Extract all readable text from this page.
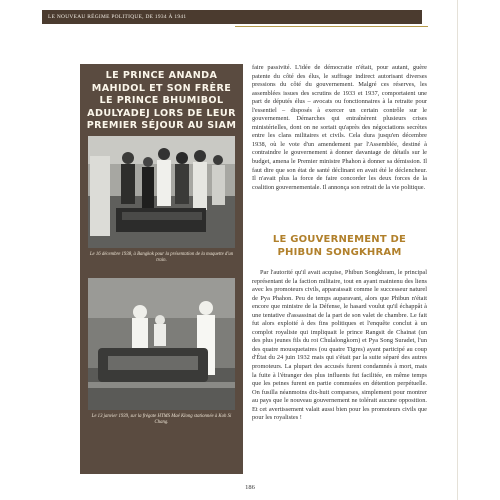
LE NOUVEAU RÉGIME POLITIQUE, DE 1934 À 1941
LE PRINCE ANANDA MAHIDOL ET SON FRÈRE LE PRINCE BHUMIBOL ADULYADEJ LORS DE LEUR PREMIER SÉJOUR AU SIAM
Le 16 décembre 1938, à Bangkok pour la présentation de la maquette d'un train.
Le 13 janvier 1939, sur la frégate HTMS Maé Klong stationnée à Koh Si Chang.
faire passivité. L'idée de démocratie n'était, pour autant, guère patente du côté des élus, le suffrage indirect autorisant diverses pressions du côté du gouvernement. Malgré ces réserves, les assemblées issues des scrutins de 1933 et 1937, comportaient une part de députés élus – avocats ou fonctionnaires à la retraite pour l'essentiel – disposés à exercer un certain contrôle sur le gouvernement. Démarches qui entraînèrent plusieurs crises ministérielles, dont on ne sortait qu'après des négociations secrètes entre les clans militaires et civils. Cela dura jusqu'en décembre 1938, où le vote d'un amendement par l'Assemblée, destiné à contraindre le gouvernement à donner davantage de détails sur le budget, amena le Premier ministre Phahon à donner sa démission. Il faut dire que son état de santé déclinant en avait été le déclencheur. Il n'avait plus la force de faire concorder les deux forces de la coalition gouvernementale. Il annonça son retrait de la vie politique.
LE GOUVERNEMENT DE PHIBUN SONGKHRAM
Par l'autorité qu'il avait acquise, Phibun Songkhram, le principal représentant de la faction militaire, tout en ayant maintenu des liens avec les promoteurs civils, apparaissait comme le successeur naturel de Pya Phahon. Peu de temps auparavant, alors que Phibun n'était encore que ministre de la Défense, le hasard voulut qu'il échappât à une tentative d'assassinat de la part de son valet de chambre. Le fait fut alors exploité à des fins politiques et l'enquête conclut à un complot royaliste qui impliquait le prince Rangsit de Chainat (un des plus jeunes fils du roi Chulalongkorn) et Pya Song Suradet, l'un des quatre mousquetaires (ou quatre Tigres) ayant participé au coup d'État du 24 juin 1932 mais qui s'était par la suite séparé des autres promoteurs. La plupart des accusés furent condamnés à mort, mais la fuite à l'étranger des plus influents fut facilitée, en même temps que les peines furent en partie commuées en détention perpétuelle. On fusilla néanmoins dix-huit comparses, simplement pour montrer au pays que le nouveau gouvernement ne tolérait aucune opposition. Et cet avertissement valait aussi bien pour les promoteurs civils que pour les royalistes !
186
